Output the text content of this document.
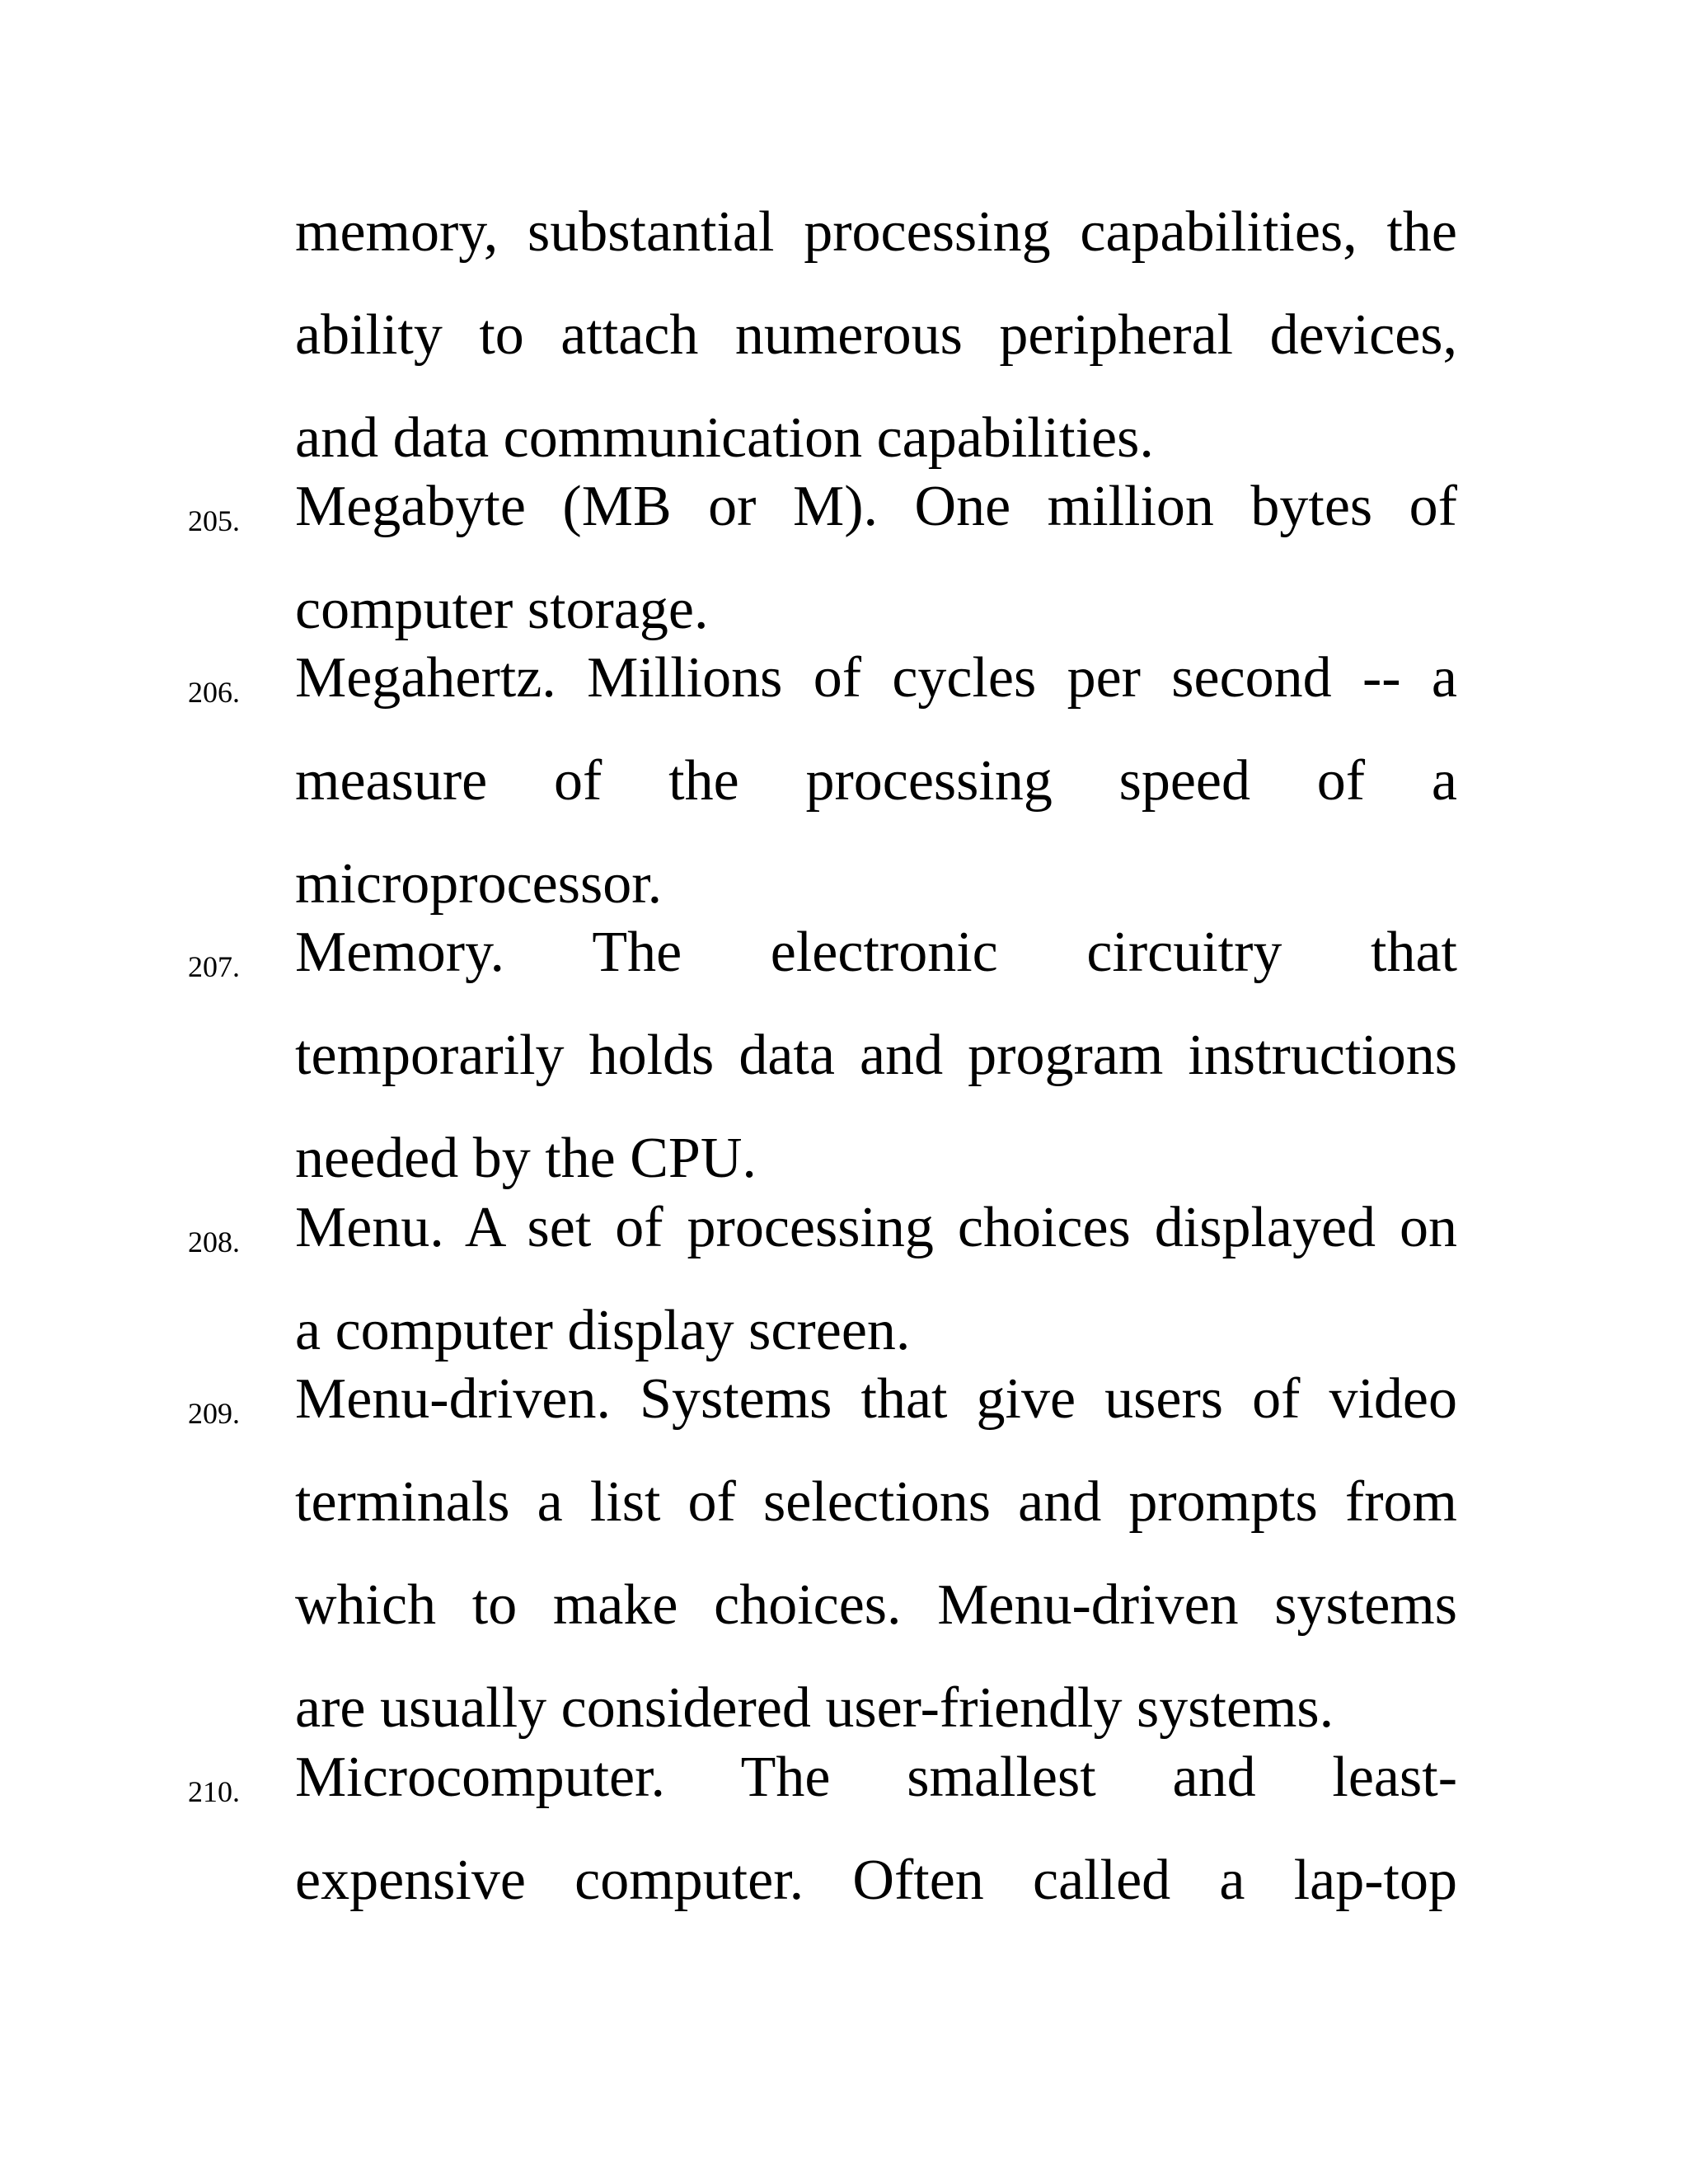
memory, substantial processing capabilities, the
ability to attach numerous peripheral devices,
and data communication capabilities.
205. Megabyte (MB or M). One million bytes of
computer storage.
206. Megahertz. Millions of cycles per second -- a
measure of the processing speed of a
microprocessor.
207. Memory. The electronic circuitry that
temporarily holds data and program instructions
needed by the CPU.
208. Menu. A set of processing choices displayed on
a computer display screen.
209. Menu-driven. Systems that give users of video
terminals a list of selections and prompts from
which to make choices. Menu-driven systems
are usually considered user-friendly systems.
210. Microcomputer. The smallest and least-
expensive computer. Often called a lap-top
